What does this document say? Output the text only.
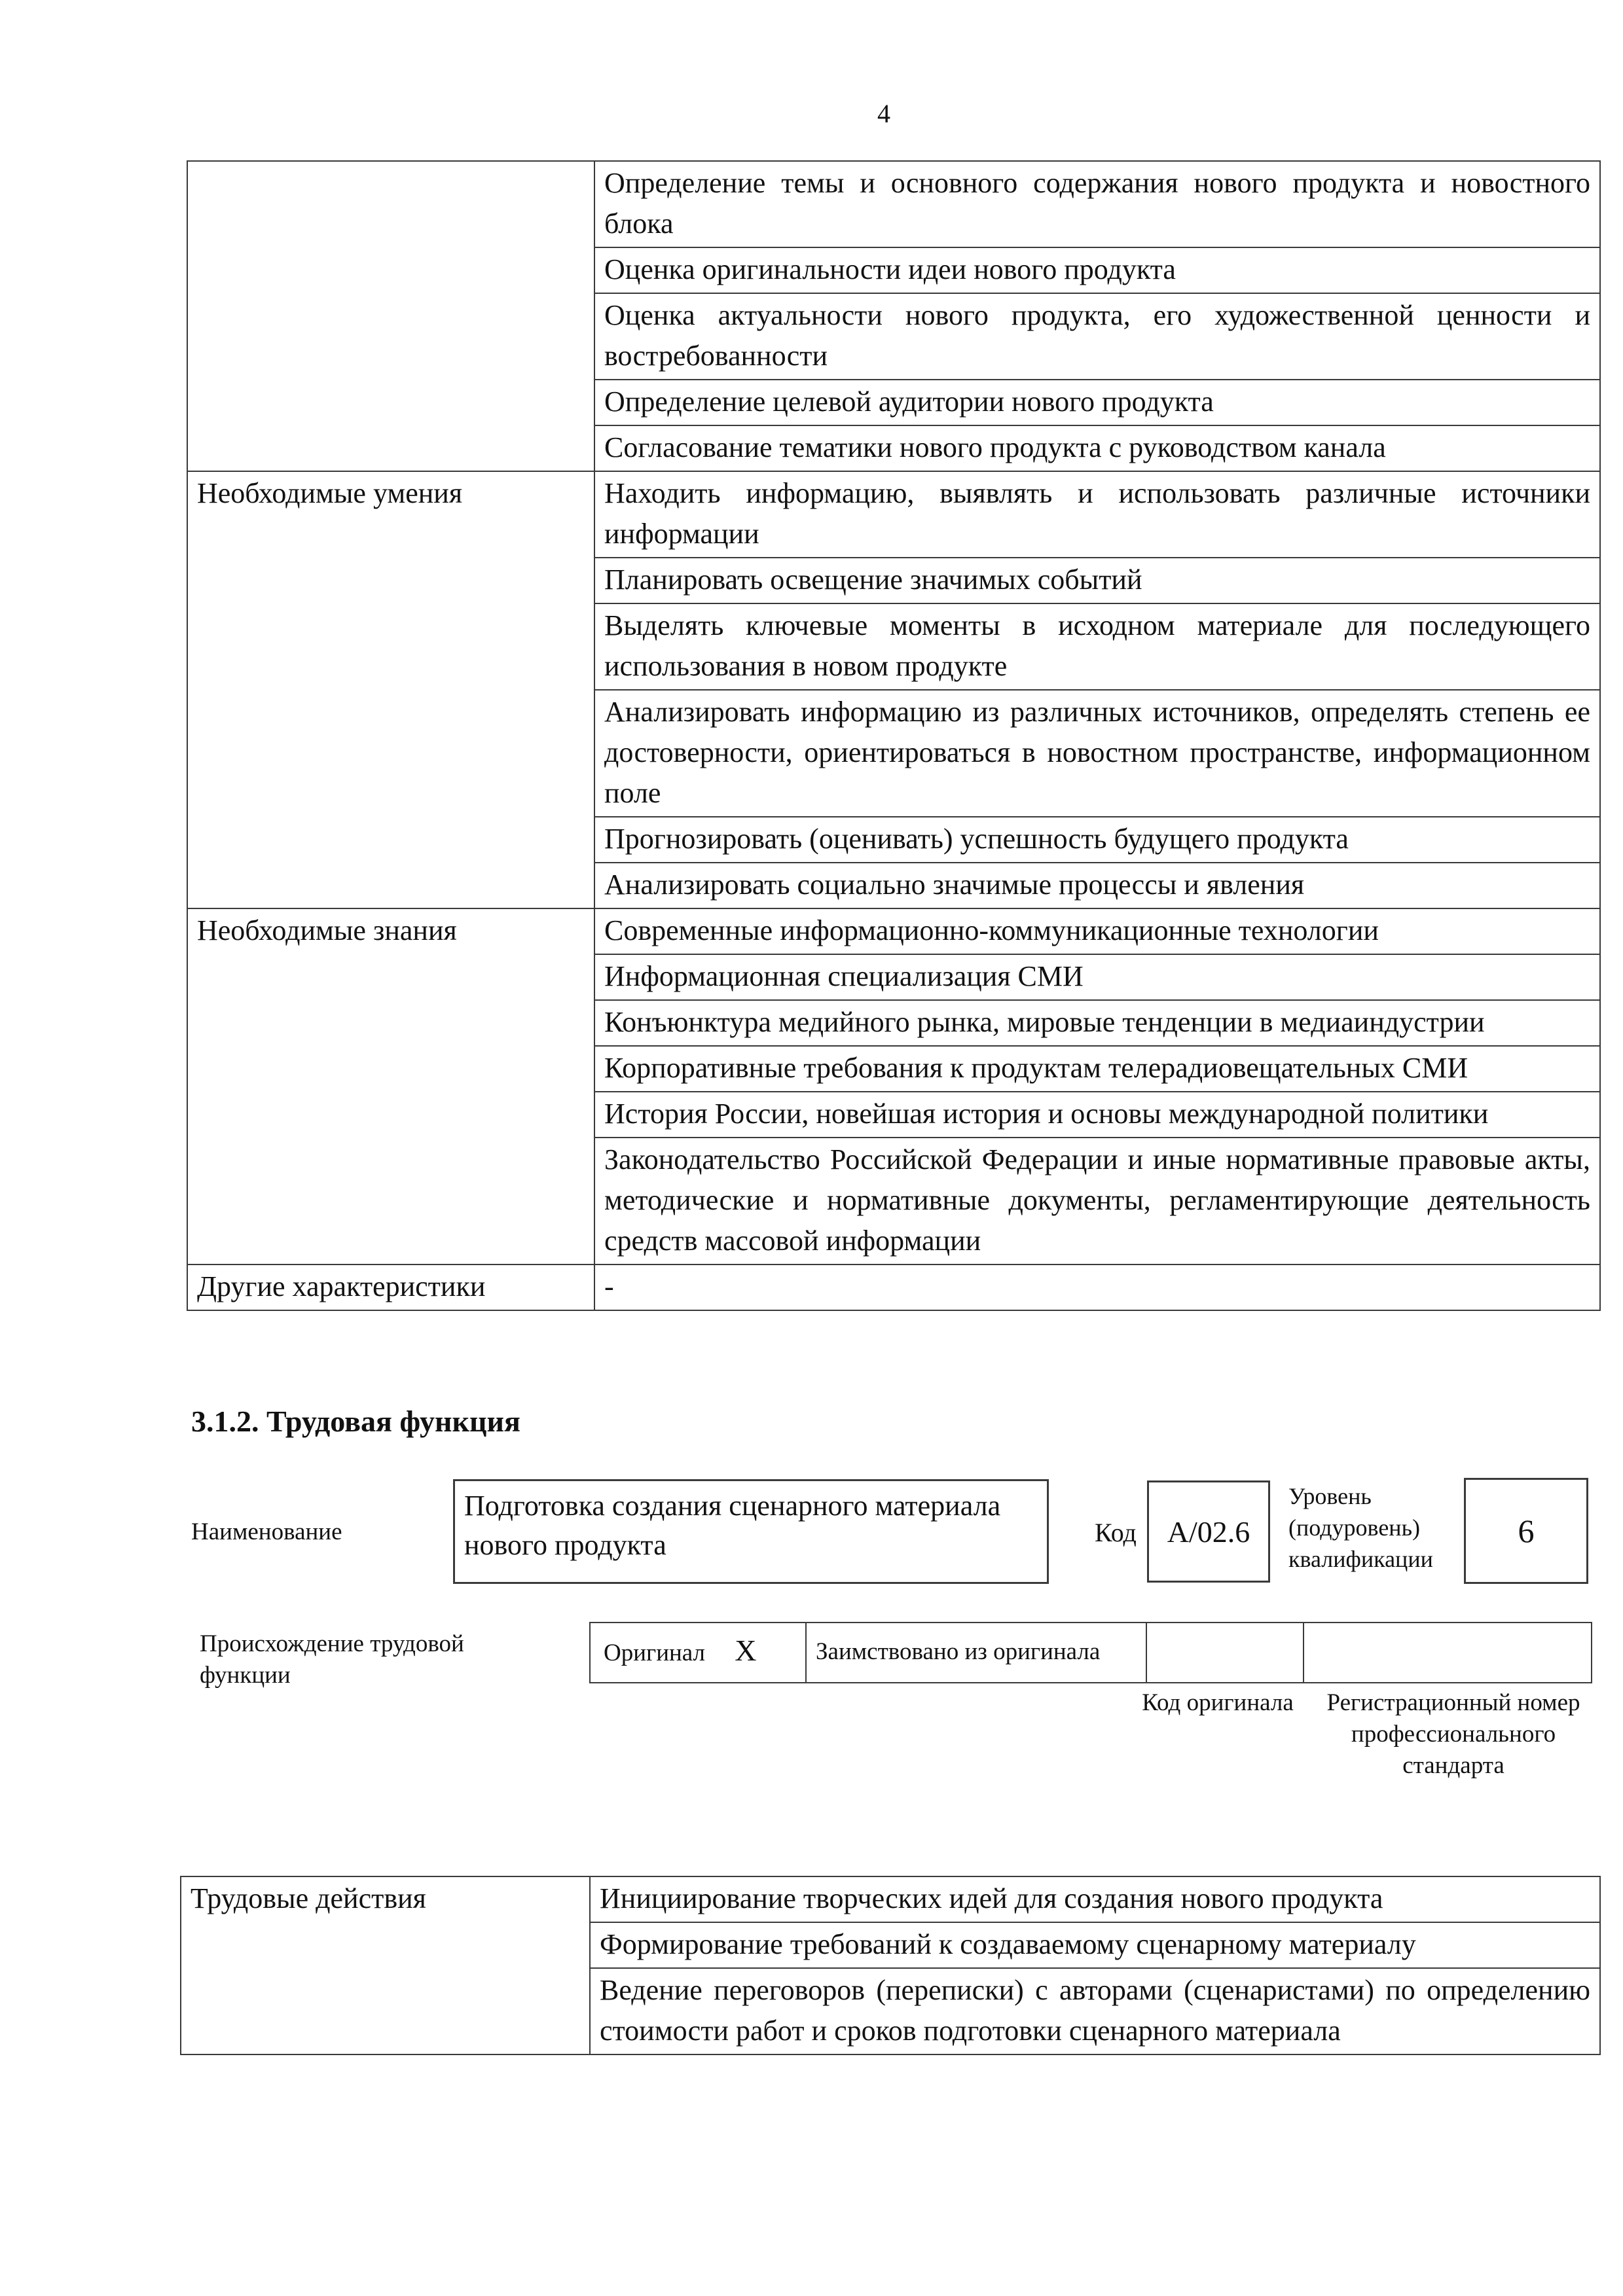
4
	Определение темы и основного содержания нового продукта и новостного блока
	Оценка оригинальности идеи нового продукта
	Оценка актуальности нового продукта, его художественной ценности и востребованности
	Определение целевой аудитории нового продукта
	Согласование тематики нового продукта с руководством канала
Необходимые умения	Находить информацию, выявлять и использовать различные источники информации
	Планировать освещение значимых событий
	Выделять ключевые моменты в исходном материале для последующего использования в новом продукте
	Анализировать информацию из различных источников, определять степень ее достоверности, ориентироваться в новостном пространстве, информационном поле
	Прогнозировать (оценивать) успешность будущего продукта
	Анализировать социально значимые процессы и явления
Необходимые знания	Современные информационно-коммуникационные технологии
	Информационная специализация СМИ
	Конъюнктура медийного рынка, мировые тенденции в медиаиндустрии
	Корпоративные требования к продуктам телерадиовещательных СМИ
	История России, новейшая история и основы международной политики
	Законодательство Российской Федерации и иные нормативные правовые акты, методические и нормативные документы, регламентирующие деятельность средств массовой информации
Другие характеристики	-
3.1.2. Трудовая функция
Наименование
Подготовка создания сценарного материала нового продукта	Код A/02.6
Уровень (подуровень) квалификации
6
Происхождение трудовой функции
Оригинал X	Заимствовано из оригинала		
Код оригинала	Регистрационный номер профессионального стандарта
Трудовые действия	Инициирование творческих идей для создания нового продукта
Формирование требований к создаваемому сценарному материалу
Ведение переговоров (переписки) с авторами (сценаристами) по определению стоимости работ и сроков подготовки сценарного материала
